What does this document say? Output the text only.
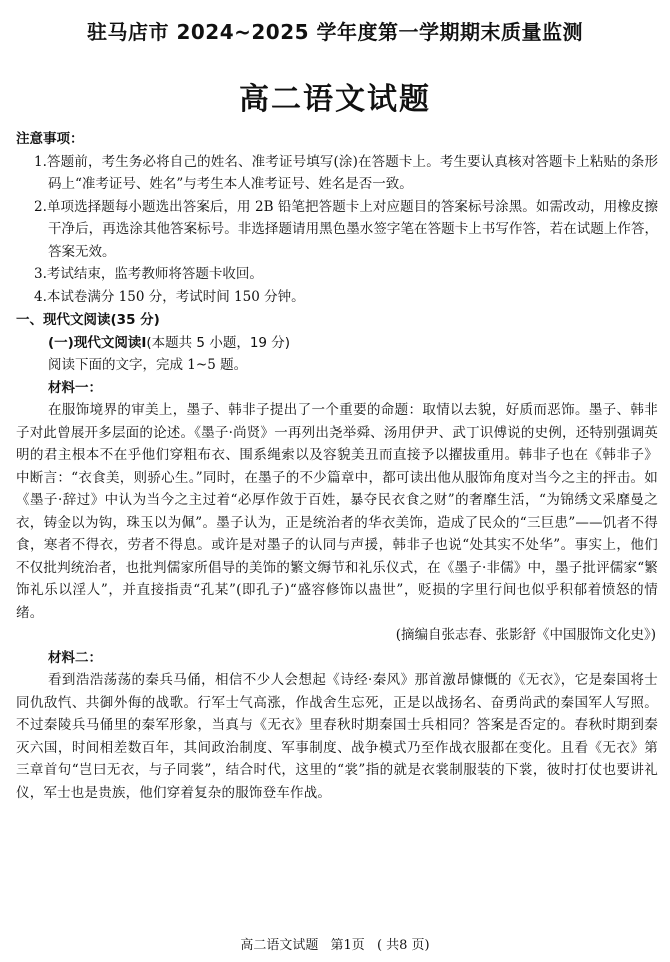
驻马店市 2024~2025 学年度第一学期期末质量监测
高二语文试题
注意事项：
1.答题前，考生务必将自己的姓名、准考证号填写(涂)在答题卡上。考生要认真核对答题卡上粘贴的条形码上“准考证号、姓名”与考生本人准考证号、姓名是否一致。
2.单项选择题每小题选出答案后，用 2B 铅笔把答题卡上对应题目的答案标号涂黑。如需改动，用橡皮擦干净后，再选涂其他答案标号。非选择题请用黑色墨水签字笔在答题卡上书写作答，若在试题上作答，答案无效。
3.考试结束，监考教师将答题卡收回。
4.本试卷满分 150 分，考试时间 150 分钟。
一、现代文阅读(35 分)
(一)现代文阅读Ⅰ(本题共 5 小题，19 分)
阅读下面的文字，完成 1~5 题。
材料一：
在服饰境界的审美上，墨子、韩非子提出了一个重要的命题：取情以去貌，好质而恶饰。墨子、韩非子对此曾展开多层面的论述。《墨子·尚贤》一再列出尧举舜、汤用伊尹、武丁识傅说的史例，还特别强调英明的君主根本不在乎他们穿粗布衣、围系绳索以及容貌美丑而直接予以擢拔重用。韩非子也在《韩非子》中断言：“衣食美，则骄心生。”同时，在墨子的不少篇章中，都可读出他从服饰角度对当今之主的抨击。如《墨子·辞过》中认为当今之主过着“必厚作敛于百姓，暴夺民衣食之财”的奢靡生活，“为锦绣文采靡曼之衣，铸金以为钩，珠玉以为佩”。墨子认为，正是统治者的华衣美饰，造成了民众的“三巨患”——饥者不得食，寒者不得衣，劳者不得息。或许是对墨子的认同与声援，韩非子也说“处其实不处华”。事实上，他们不仅批判统治者，也批判儒家所倡导的美饰的繁文缛节和礼乐仪式，在《墨子·非儒》中，墨子批评儒家“繁饰礼乐以淫人”，并直接指责“孔某”(即孔子)“盛容修饰以蛊世”，贬损的字里行间也似乎积郁着愤怒的情绪。
(摘编自张志春、张影舒《中国服饰文化史》)
材料二：
看到浩浩荡荡的秦兵马俑，相信不少人会想起《诗经·秦风》那首激昂慷慨的《无衣》，它是秦国将士同仇敌忾、共御外侮的战歌。行军士气高涨，作战舍生忘死，正是以战扬名、奋勇尚武的秦国军人写照。不过秦陵兵马俑里的秦军形象，当真与《无衣》里春秋时期秦国士兵相同？答案是否定的。春秋时期到秦灭六国，时间相差数百年，其间政治制度、军事制度、战争模式乃至作战衣服都在变化。且看《无衣》第三章首句“岂曰无衣，与子同裳”，结合时代，这里的“裳”指的就是衣裳制服装的下裳，彼时打仗也要讲礼仪，军士也是贵族，他们穿着复杂的服饰登车作战。
高二语文试题 第1页 ( 共8 页)
